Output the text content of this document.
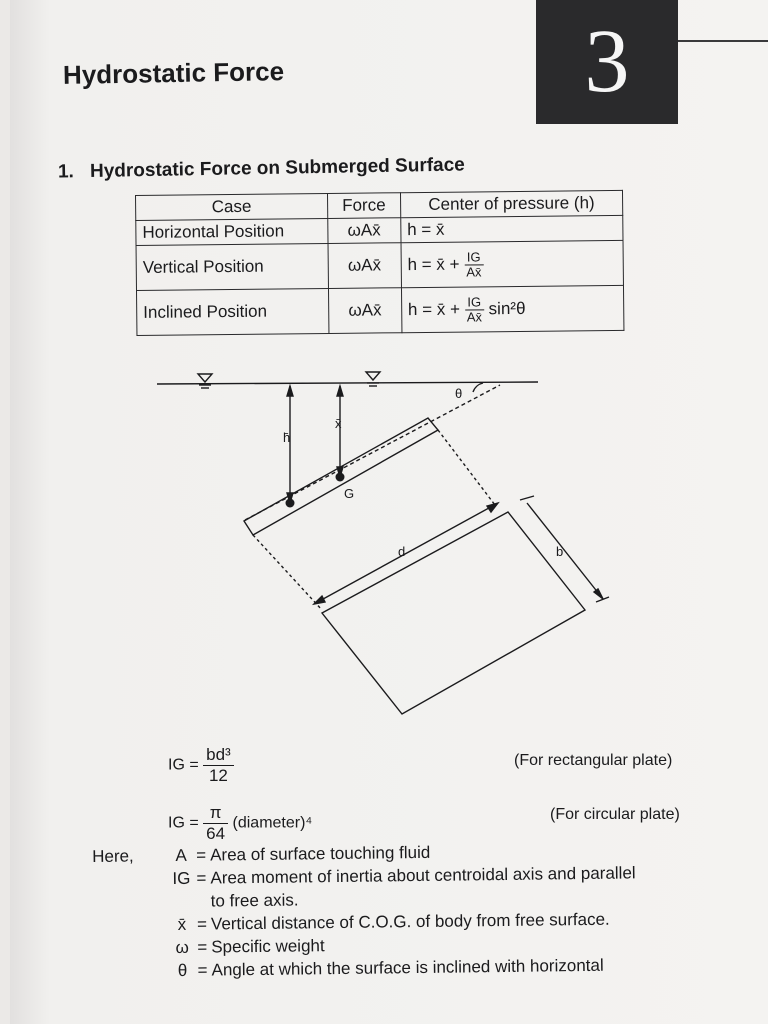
3
Hydrostatic Force
1. Hydrostatic Force on Submerged Surface
Case	Force	Center of pressure (h)
Horizontal Position	ωAx̄	h = x̄
Vertical Position	ωAx̄	h = x̄ + $\frac{IG}{Ax̄}$

Inclined Position	ωAx̄	h = x̄ + $\frac{IG}{Ax̄} \sin^2\theta$
h̄
x̄
θ
G
d	b
IG = $\frac{\text{bd³}}{12}$	(For rectangular plate)
IG = $\frac{\pi}{64}$ (diameter)⁴
(For circular plate)
Here,	A = Area of surface touching fluid
IG = Area moment of inertia about centroidal axis and parallel
to free axis.
x̄ = Vertical distance of C.O.G. of body from free surface.
ω = Specific weight
θ = Angle at which the surface is inclined with horizontal
